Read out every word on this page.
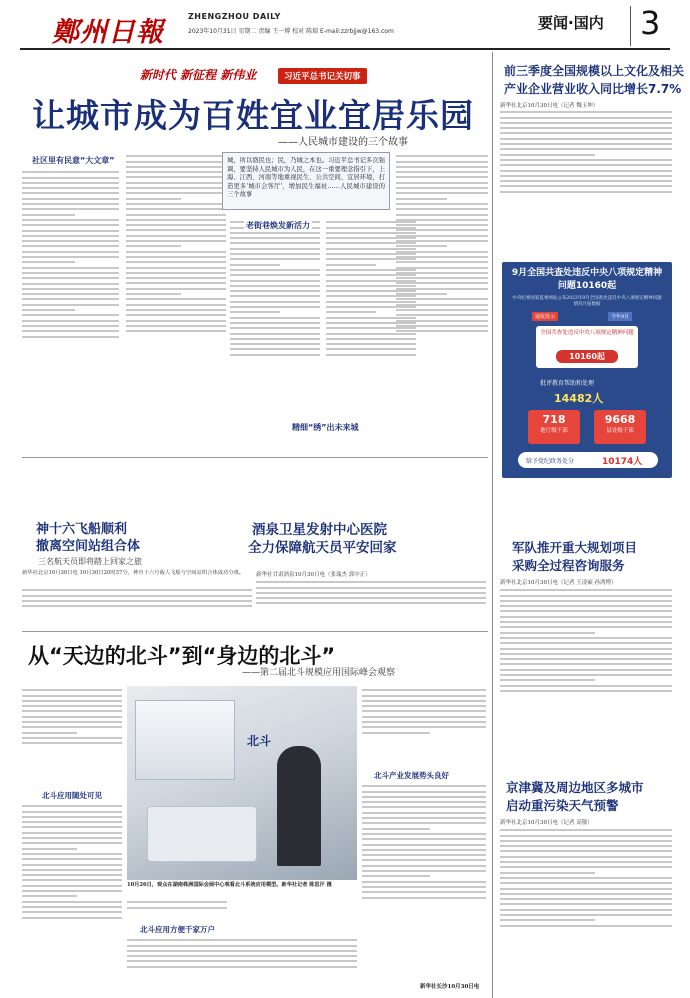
鄭州日報
ZHENGZHOU DAILY
2023年10月31日 星期二 责编 王一博 校对 陈瑞 E-mail:zzrbjjw@163.com	要闻·国内 3
新时代 新征程 新伟业	习近平总书记关切事
让城市成为百姓宜业宜居乐园
——人民城市建设的三个故事
社区里有民意“大文章”	城，所以盛民也；民，乃城之本也。习近平总书记多次强调，要坚持人民城市为人民，在这一重要理念指引下，上海、江西、河南等地重视民生、公共空间、宜居环境，打造更多'城市会客厅'，增加民生福祉……人民城市建设的三个故事
老街巷焕发新活力
精细“绣”出未来城
前三季度全国规模以上文化及相关
产业企业营业收入同比增长7.7%
新华社北京10月30日电（记者 魏玉坤）
9月全国共查处违反中央八项规定精神问题10160起
中央纪委国家监委网站公布2023年9月全国查处违反中央八项规定精神问题情况月报数据
通报批示	今年9月
全国共查处违反中央八项规定精神问题
10160起
批评教育帮助和处理
14482人
718
地厅级干部
9668
县处级干部
给予党纪政务处分	10174人
军队推开重大规划项目
采购全过程咨询服务
新华社北京10月30日电（记者 王凌硕 孙鸿博）
京津冀及周边地区多城市
启动重污染天气预警
新华社北京10月30日电（记者 高敬）
神十六飞船顺利
撤离空间站组合体
三名航天员即将踏上回家之旅
新华社北京10月30日电 10月30日20时37分，神舟十六号载人飞船与空间站组合体成功分离。
酒泉卫星发射中心医院
全力保障航天员平安回家
新华社甘肃酒泉10月30日电（张瑞杰 郭中正）
从“天边的北斗”到“身边的北斗”
——第二届北斗规模应用国际峰会观察
北斗应用随处可见
北斗
10月26日，观众在湖南株洲国际会展中心观看北斗系统应用模型。新华社记者 陈思汗 摄
北斗应用方便千家万户
北斗产业发展势头良好
新华社长沙10月30日电
